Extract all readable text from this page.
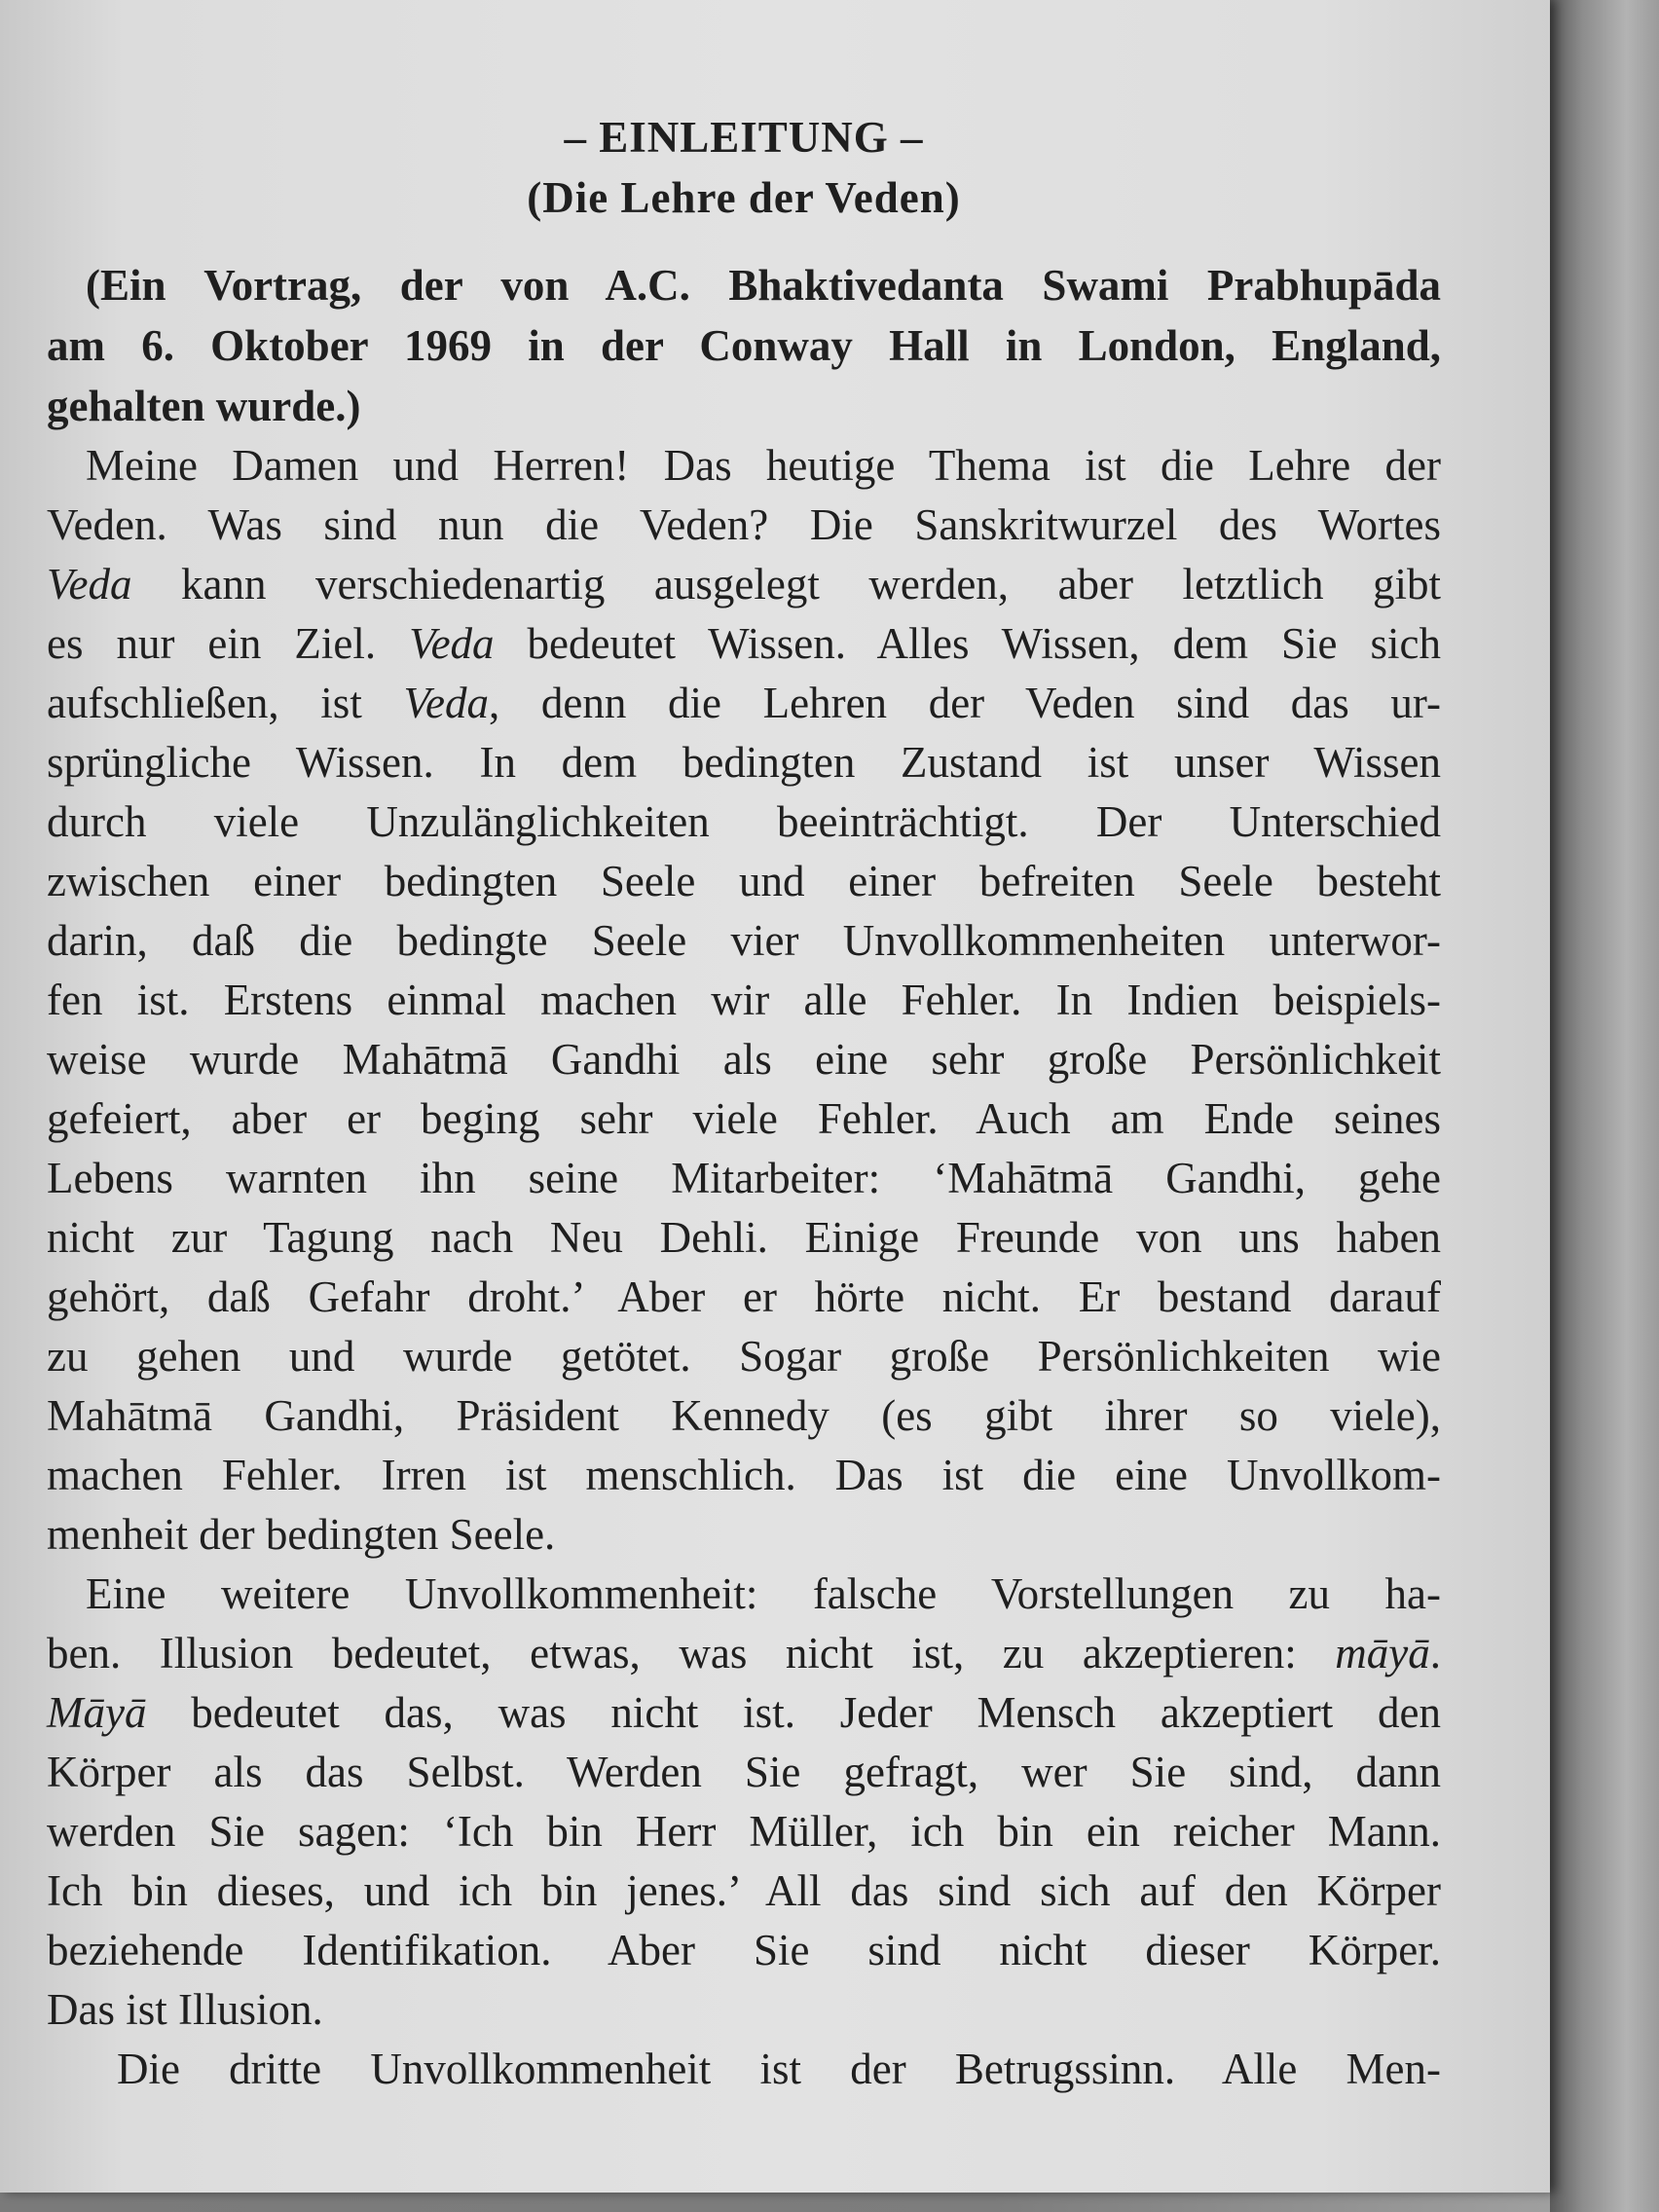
– EINLEITUNG –
(Die Lehre der Veden)
(Ein Vortrag, der von A.C. Bhaktivedanta Swami Prabhupāda
am 6. Oktober 1969 in der Conway Hall in London, England,
gehalten wurde.)
Meine Damen und Herren! Das heutige Thema ist die Lehre der
Veden. Was sind nun die Veden? Die Sanskritwurzel des Wortes
Veda kann verschiedenartig ausgelegt werden, aber letztlich gibt
es nur ein Ziel. Veda bedeutet Wissen. Alles Wissen, dem Sie sich
aufschließen, ist Veda, denn die Lehren der Veden sind das ur-
sprüngliche Wissen. In dem bedingten Zustand ist unser Wissen
durch viele Unzulänglichkeiten beeinträchtigt. Der Unterschied
zwischen einer bedingten Seele und einer befreiten Seele besteht
darin, daß die bedingte Seele vier Unvollkommenheiten unterwor-
fen ist. Erstens einmal machen wir alle Fehler. In Indien beispiels-
weise wurde Mahātmā Gandhi als eine sehr große Persönlichkeit
gefeiert, aber er beging sehr viele Fehler. Auch am Ende seines
Lebens warnten ihn seine Mitarbeiter: ‘Mahātmā Gandhi, gehe
nicht zur Tagung nach Neu Dehli. Einige Freunde von uns haben
gehört, daß Gefahr droht.’ Aber er hörte nicht. Er bestand darauf
zu gehen und wurde getötet. Sogar große Persönlichkeiten wie
Mahātmā Gandhi, Präsident Kennedy (es gibt ihrer so viele),
machen Fehler. Irren ist menschlich. Das ist die eine Unvollkom-
menheit der bedingten Seele.
Eine weitere Unvollkommenheit: falsche Vorstellungen zu ha-
ben. Illusion bedeutet, etwas, was nicht ist, zu akzeptieren: māyā.
Māyā bedeutet das, was nicht ist. Jeder Mensch akzeptiert den
Körper als das Selbst. Werden Sie gefragt, wer Sie sind, dann
werden Sie sagen: ‘Ich bin Herr Müller, ich bin ein reicher Mann.
Ich bin dieses, und ich bin jenes.’ All das sind sich auf den Körper
beziehende Identifikation. Aber Sie sind nicht dieser Körper.
Das ist Illusion.
Die dritte Unvollkommenheit ist der Betrugssinn. Alle Men-
